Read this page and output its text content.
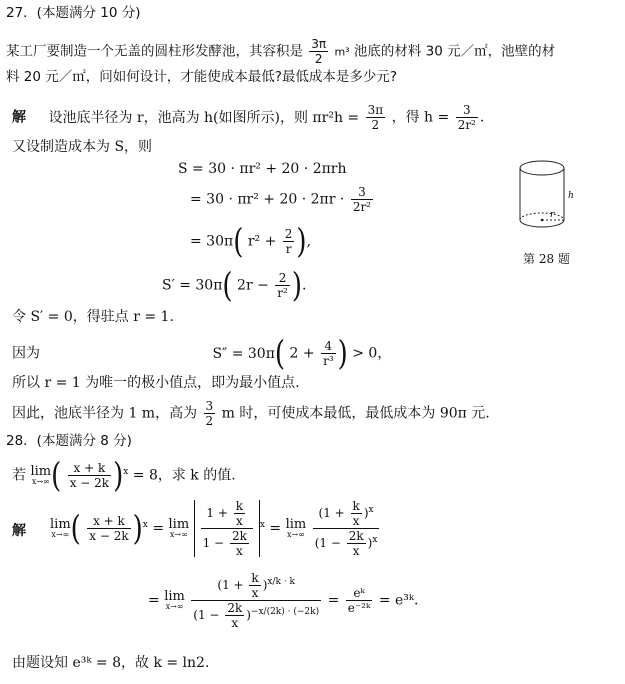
27．(本题满分 10 分)
某工厂要制造一个无盖的圆柱形发酵池，其容积是 $\frac{3\pi}{2} m^3$ 池底的材料 30 元／㎡，池壁的材
料 20 元／㎡，问如何设计，才能使成本最低?最低成本是多少元?
解 设池底半径为 r，池高为 h(如图所示)，则 $\pi r^2h = \frac{3\pi}{2}$ ，得 $h = \frac{3}{\text{2r²}}$ .
又设制造成本为 S，则
S = 30 · πr² + 20 · 2πrh
= $30 \cdot \pi r^2 + 20 \cdot 2\pi r \cdot \frac{3}{\text{2r²}}$
= 30π( $r^2 + \frac{2}{r}$ ),
S′ = 30π( $2r - \frac{2}{\text{r²}}$ ).
令 S′ = 0，得驻点 r = 1.
因为	S″ = 30π( $2 + \frac{4}{\text{r³}}$ ) > 0，
所以 r = 1 为唯一的极小值点，即为最小值点.
因此，池底半径为 1 m，高为 $\frac{3}{2}$ m 时，可使成本最低，最低成本为 90π 元.
h
r
第 28 题
28．(本题满分 8 分)
若 lim
x→∞ ( $\frac{x + k}{x - 2k} )^x = 8$，求 k 的值.
解 lim
x→∞ ( $\frac{x + k}{x - 2k} )^x = \lim$
x→∞
$\frac{1 + \frac{k}{x}}{1 - \frac{2k}{x}} ^x = \lim$
x→∞
$\frac{(1 + \frac{k}{x} )^x}{(1 - \frac{2k}{x} )^x}$
= lim
x→∞
$\frac{(1 + \frac{k}{x} )^{x/k \cdot k}}{(1 - \frac{2k}{x} )^{-x/(2k) \cdot (-2k)}} = \frac{\text{eᵏ}}{\text{e⁻²ᵏ}}$ = e³ᵏ.
由题设知 e³ᵏ = 8，故 k = ln2.
